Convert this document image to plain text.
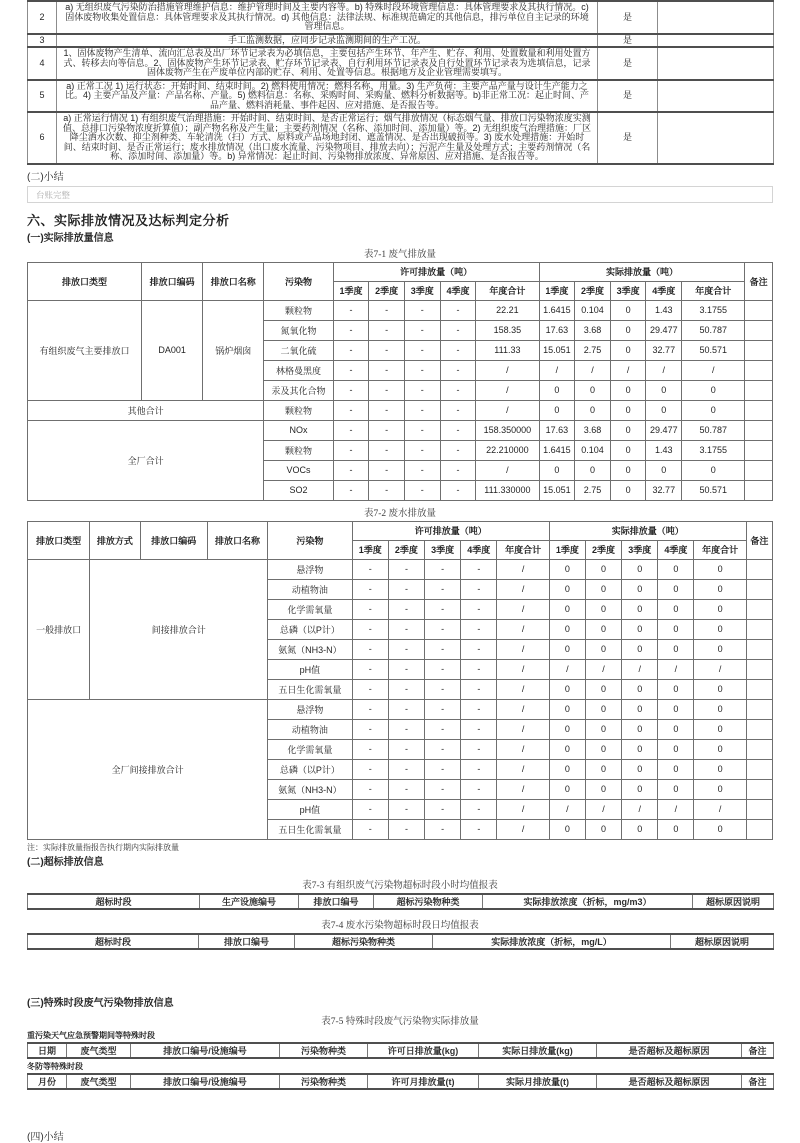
2	a) 无组织废气污染防治措施管理维护信息：维护管理时间及主要内容等。b) 特殊时段环境管理信息：具体管理要求及其执行情况。c) 固体废物收集处置信息：具体管理要求及其执行情况。d) 其他信息：法律法规、标准规范确定的其他信息，排污单位自主记录的环境管理信息。	是	
3	手工监测数据，应同步记录监测期间的生产工况。	是	
4	1、固体废物产生清单、流向汇总表及出厂环节记录表为必填信息，主要包括产生环节、年产生、贮存、利用、处置数量和利用处置方式、转移去向等信息。2、固体废物产生环节记录表、贮存环节记录表、自行利用环节记录表及自行处置环节记录表为选填信息，记录固体废物产生在产废单位内部的贮存、利用、处置等信息。根据地方及企业管理需要填写。	是	
5	a) 正常工况 1) 运行状态：开始时间、结束时间。2) 燃料使用情况：燃料名称、用量。3) 生产负荷：主要产品产量与设计生产能力之比。4) 主要产品及产量：产品名称、产量。5) 燃料信息：名称、采购时间、采购量、燃料分析数据等。b)非正常工况：起止时间、产品产量、燃料消耗量、事件起因、应对措施、是否报告等。	是	
6	a) 正常运行情况 1) 有组织废气治理措施：开始时间、结束时间、是否正常运行；烟气排放情况（标态烟气量、排放口污染物浓度实测值、总排口污染物浓度折算值）；副产物名称及产生量；主要药剂情况（名称、添加时间、添加量）等。2) 无组织废气治理措施：厂区降尘洒水次数、抑尘剂种类、车轮清洗（扫）方式、原料或产品场地封闭、遮盖情况、是否出现破损等。3) 废水处理措施：开始时间、结束时间、是否正常运行；废水排放情况（出口废水流量、污染物项目、排放去向）；污泥产生量及处理方式；主要药剂情况（名称、添加时间、添加量）等。b) 异常情况：起止时间、污染物排放浓度、异常原因、应对措施、是否报告等。	是	
(二)小结
台账完整
六、实际排放情况及达标判定分析
(一)实际排放量信息
表7-1 废气排放量
排放口类型	排放口编码	排放口名称	污染物	许可排放量（吨）					实际排放量（吨）					备注
				1季度	2季度	3季度	4季度	年度合计	1季度	2季度	3季度	4季度	年度合计	
有组织废气主要排放口	DA001	锅炉烟囱	颗粒物	-	-	-	-	22.21	1.6415	0.104	0	1.43	3.1755	
			氮氧化物	-	-	-	-	158.35	17.63	3.68	0	29.477	50.787	
			二氧化硫	-	-	-	-	111.33	15.051	2.75	0	32.77	50.571	
			林格曼黑度	-	-	-	-	/	/	/	/	/	/	
			汞及其化合物	-	-	-	-	/	0	0	0	0	0	
其他合计			颗粒物	-	-	-	-	/	0	0	0	0	0	
全厂合计			NOx	-	-	-	-	158.350000	17.63	3.68	0	29.477	50.787	
			颗粒物	-	-	-	-	22.210000	1.6415	0.104	0	1.43	3.1755	
			VOCs	-	-	-	-	/	0	0	0	0	0	
			SO2	-	-	-	-	111.330000	15.051	2.75	0	32.77	50.571	
表7-2 废水排放量
排放口类型	排放方式	排放口编码	排放口名称	污染物	许可排放量（吨）					实际排放量（吨）					备注
					1季度	2季度	3季度	4季度	年度合计	1季度	2季度	3季度	4季度	年度合计	
一般排放口	间接排放合计			悬浮物	-	-	-	-	/	0	0	0	0	0	
				动植物油	-	-	-	-	/	0	0	0	0	0	
				化学需氧量	-	-	-	-	/	0	0	0	0	0	
				总磷（以P计）	-	-	-	-	/	0	0	0	0	0	
				氨氮（NH3-N）	-	-	-	-	/	0	0	0	0	0	
				pH值	-	-	-	-	/	/	/	/	/	/	
				五日生化需氧量	-	-	-	-	/	0	0	0	0	0	
全厂间接排放合计				悬浮物	-	-	-	-	/	0	0	0	0	0	
				动植物油	-	-	-	-	/	0	0	0	0	0	
				化学需氧量	-	-	-	-	/	0	0	0	0	0	
				总磷（以P计）	-	-	-	-	/	0	0	0	0	0	
				氨氮（NH3-N）	-	-	-	-	/	0	0	0	0	0	
				pH值	-	-	-	-	/	/	/	/	/	/	
				五日生化需氧量	-	-	-	-	/	0	0	0	0	0	
注：实际排放量指报告执行期内实际排放量
(二)超标排放信息
表7-3 有组织废气污染物超标时段小时均值报表
超标时段	生产设施编号	排放口编号	超标污染物种类	实际排放浓度（折标，mg/m3）	超标原因说明
表7-4 废水污染物超标时段日均值报表
超标时段	排放口编号	超标污染物种类	实际排放浓度（折标，mg/L）	超标原因说明
(三)特殊时段废气污染物排放信息
表7-5 特殊时段废气污染物实际排放量
重污染天气应急预警期间等特殊时段
日期	废气类型	排放口编号/设施编号	污染物种类	许可日排放量(kg)	实际日排放量(kg)	是否超标及超标原因	备注
冬防等特殊时段
月份	废气类型	排放口编号/设施编号	污染物种类	许可月排放量(t)	实际月排放量(t)	是否超标及超标原因	备注
(四)小结
